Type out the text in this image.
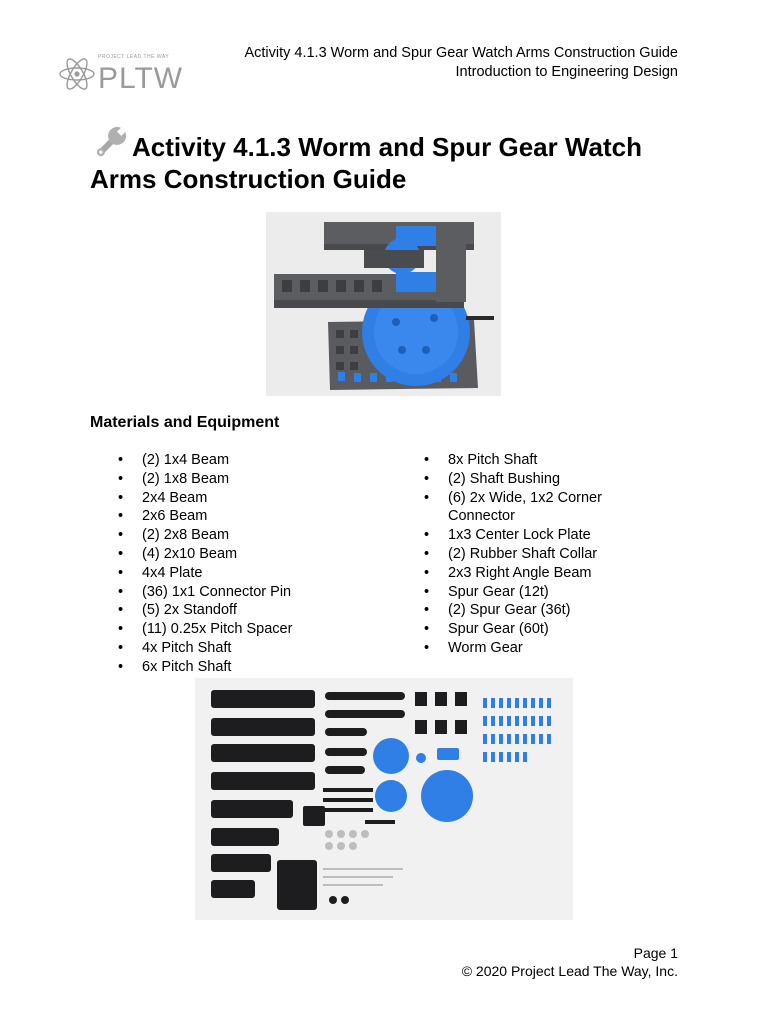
PROJECT LEAD THE WAY
PLTW
Activity 4.1.3 Worm and Spur Gear Watch Arms Construction Guide
Introduction to Engineering Design
Activity 4.1.3 Worm and Spur Gear Watch Arms Construction Guide
Materials and Equipment
• (2) 1x4 Beam
• (2) 1x8 Beam
• 2x4 Beam
• 2x6 Beam
• (2) 2x8 Beam
• (4) 2x10 Beam
• 4x4 Plate
• (36) 1x1 Connector Pin
• (5) 2x Standoff
• (11) 0.25x Pitch Spacer
• 4x Pitch Shaft
• 6x Pitch Shaft
• 8x Pitch Shaft
• (2) Shaft Bushing
• (6) 2x Wide, 1x2 Corner Connector
• 1x3 Center Lock Plate
• (2) Rubber Shaft Collar
• 2x3 Right Angle Beam
• Spur Gear (12t)
• (2) Spur Gear (36t)
• Spur Gear (60t)
• Worm Gear
Page 1
© 2020 Project Lead The Way, Inc.
